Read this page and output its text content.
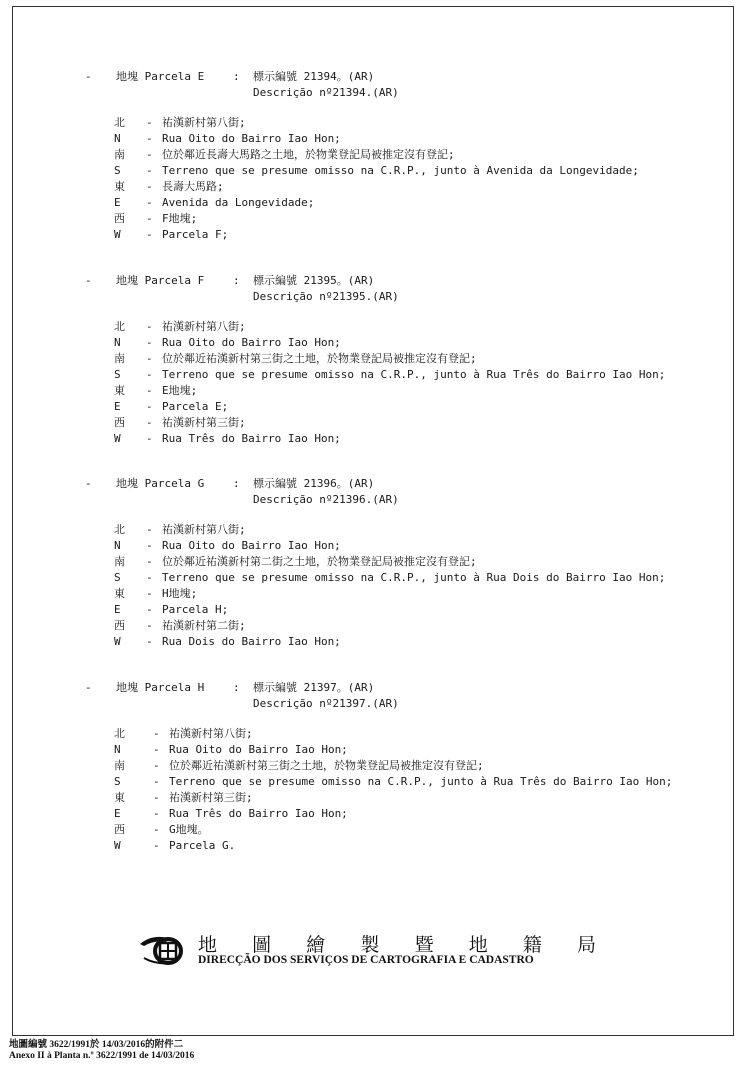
- 地塊 Parcela E	: 標示編號 21394。(AR)
Descrição nº21394.(AR)
北 - 祐漢新村第八街;
N - Rua Oito do Bairro Iao Hon;
南 - 位於鄰近長壽大馬路之土地，於物業登記局被推定沒有登記;
S - Terreno que se presume omisso na C.R.P., junto à Avenida da Longevidade;
東 - 長壽大馬路;
E - Avenida da Longevidade;
西 - F地塊;
W - Parcela F;
- 地塊 Parcela F	: 標示編號 21395。(AR)
Descrição nº21395.(AR)
北 - 祐漢新村第八街;
N - Rua Oito do Bairro Iao Hon;
南 - 位於鄰近祐漢新村第三街之土地，於物業登記局被推定沒有登記;
S - Terreno que se presume omisso na C.R.P., junto à Rua Três do Bairro Iao Hon;
東 - E地塊;
E - Parcela E;
西 - 祐漢新村第三街;
W - Rua Três do Bairro Iao Hon;
- 地塊 Parcela G	: 標示編號 21396。(AR)
Descrição nº21396.(AR)
北 - 祐漢新村第八街;
N - Rua Oito do Bairro Iao Hon;
南 - 位於鄰近祐漢新村第二街之土地，於物業登記局被推定沒有登記;
S - Terreno que se presume omisso na C.R.P., junto à Rua Dois do Bairro Iao Hon;
東 - H地塊;
E - Parcela H;
西 - 祐漢新村第二街;
W - Rua Dois do Bairro Iao Hon;
- 地塊 Parcela H	: 標示編號 21397。(AR)
Descrição nº21397.(AR)
北	- 祐漢新村第八街;
N	- Rua Oito do Bairro Iao Hon;
南	- 位於鄰近祐漢新村第三街之土地，於物業登記局被推定沒有登記;
S	- Terreno que se presume omisso na C.R.P., junto à Rua Três do Bairro Iao Hon;
東	- 祐漢新村第三街;
E	- Rua Três do Bairro Iao Hon;
西	- G地塊。
W	- Parcela G.
地 圖 繪 製 暨 地 籍 局
DIRECÇÃO DOS SERVIÇOS DE CARTOGRAFIA E CADASTRO
地圖編號 3622/1991於 14/03/2016的附件二
Anexo II à Planta n.º 3622/1991 de 14/03/2016
